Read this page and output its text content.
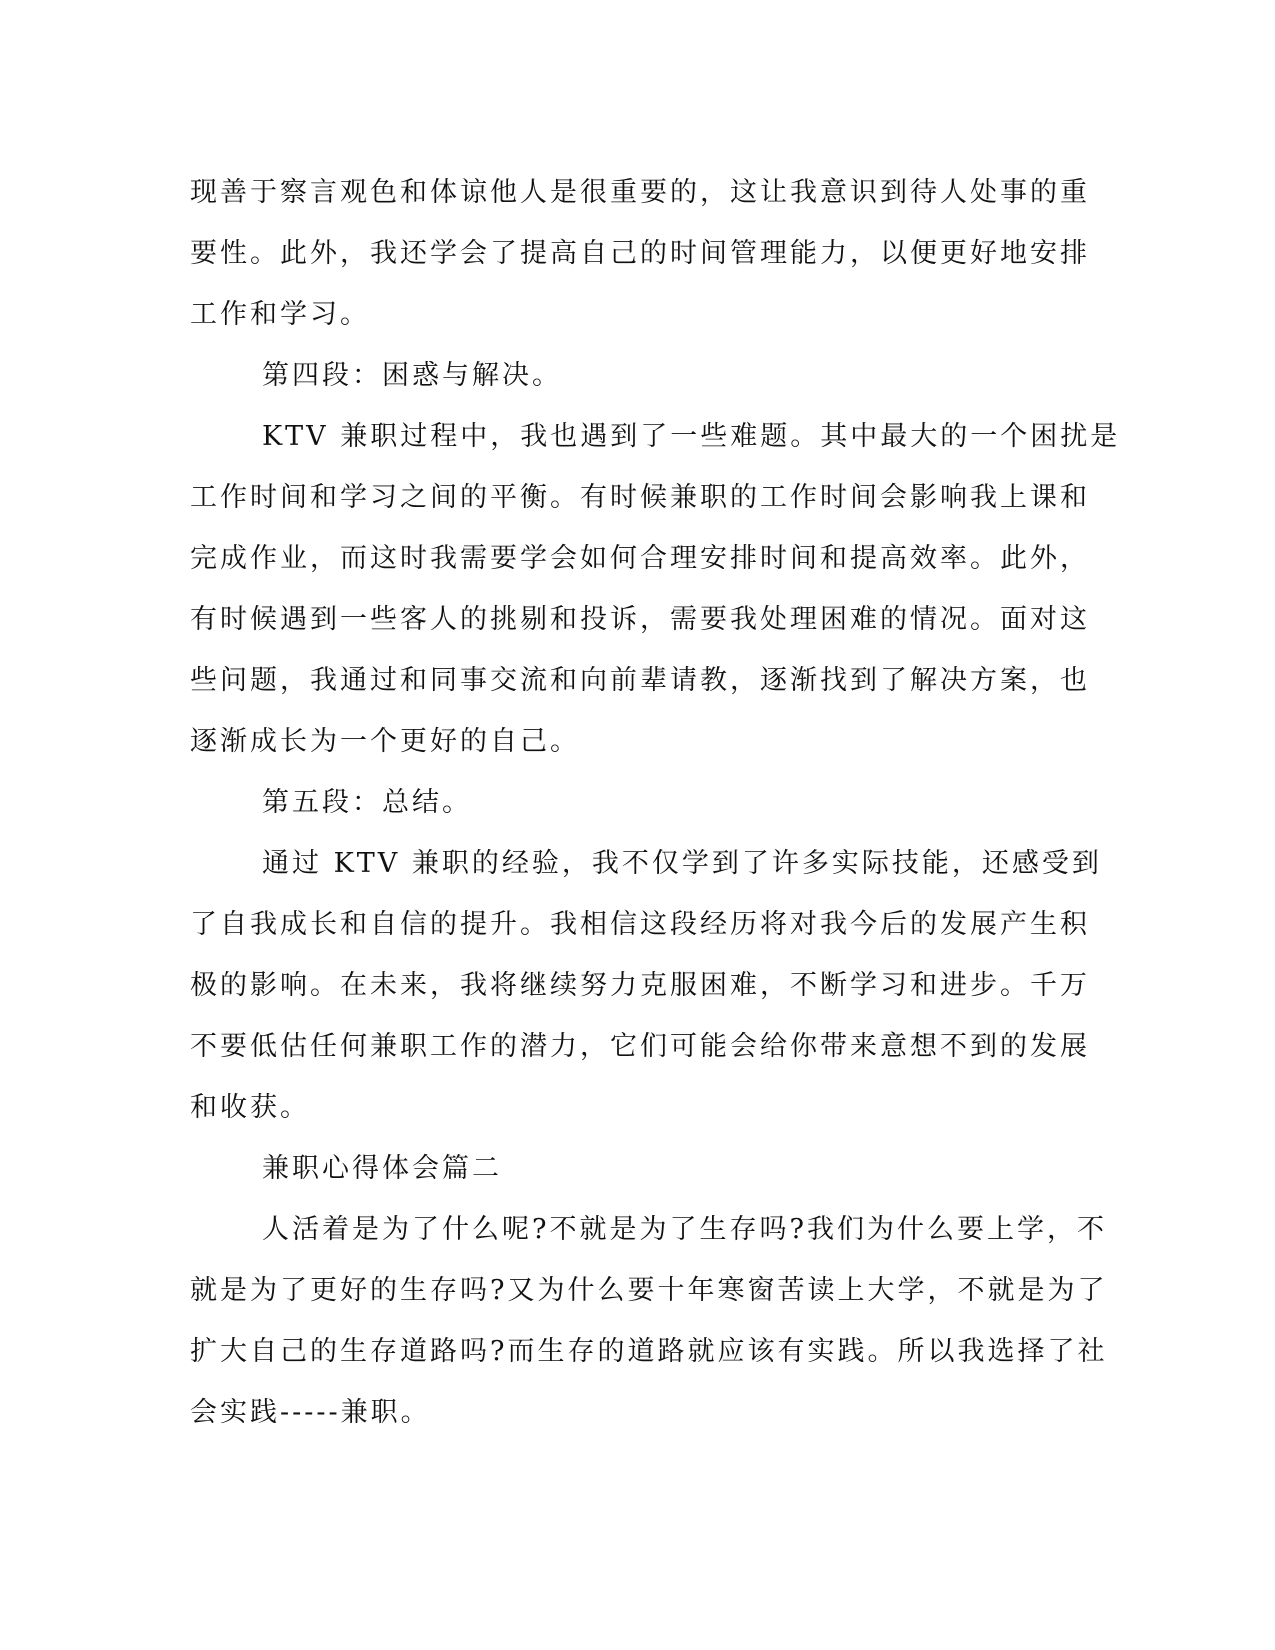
现善于察言观色和体谅他人是很重要的，这让我意识到待人处事的重
要性。此外，我还学会了提高自己的时间管理能力，以便更好地安排
工作和学习。

第四段：困惑与解决。

KTV 兼职过程中，我也遇到了一些难题。其中最大的一个困扰是
工作时间和学习之间的平衡。有时候兼职的工作时间会影响我上课和
完成作业，而这时我需要学会如何合理安排时间和提高效率。此外，
有时候遇到一些客人的挑剔和投诉，需要我处理困难的情况。面对这
些问题，我通过和同事交流和向前辈请教，逐渐找到了解决方案，也
逐渐成长为一个更好的自己。

第五段：总结。

通过 KTV 兼职的经验，我不仅学到了许多实际技能，还感受到
了自我成长和自信的提升。我相信这段经历将对我今后的发展产生积
极的影响。在未来，我将继续努力克服困难，不断学习和进步。千万
不要低估任何兼职工作的潜力，它们可能会给你带来意想不到的发展
和收获。

兼职心得体会篇二

人活着是为了什么呢?不就是为了生存吗?我们为什么要上学，不
就是为了更好的生存吗?又为什么要十年寒窗苦读上大学，不就是为了
扩大自己的生存道路吗?而生存的道路就应该有实践。所以我选择了社
会实践-----兼职。
